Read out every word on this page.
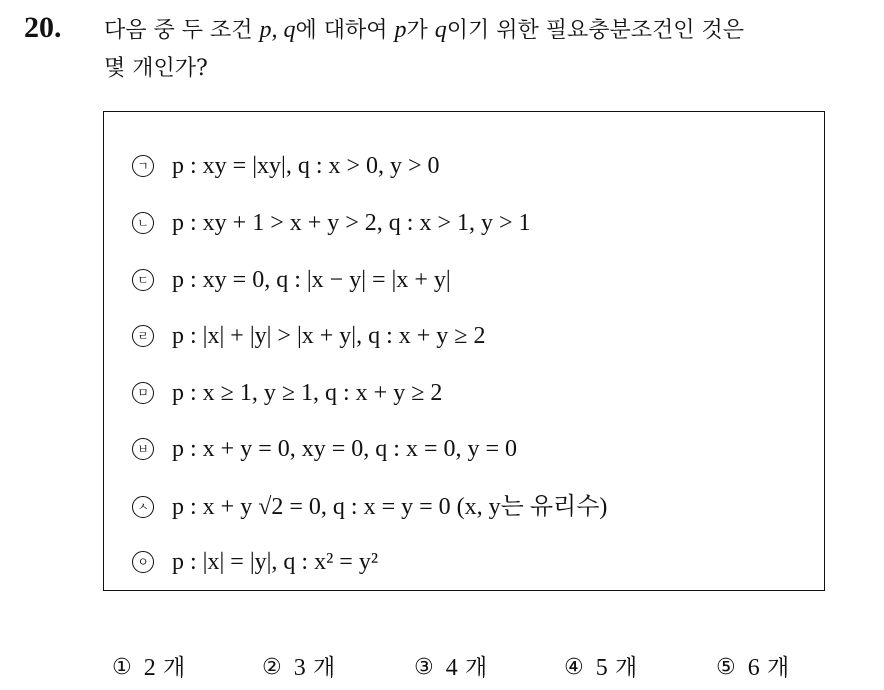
20. 다음 중 두 조건 p, q에 대하여 p가 q이기 위한 필요충분조건인 것은
몇 개인가?
ㄱ p : xy = |xy|, q : x > 0, y > 0
ㄴ p : xy + 1 > x + y > 2, q : x > 1, y > 1
ㄷ p : xy = 0, q : |x − y| = |x + y|
ㄹ p : |x| + |y| > |x + y|, q : x + y ≥ 2
ㅁ p : x ≥ 1, y ≥ 1, q : x + y ≥ 2
ㅂ p : x + y = 0, xy = 0, q : x = 0, y = 0
ㅅ p : x + y √2 = 0, q : x = y = 0 (x, y는 유리수)
ㅇ p : |x| = |y|, q : x² = y²
① 2
개	② 3
개	③ 4
개	④ 5
개	⑤ 6
개
